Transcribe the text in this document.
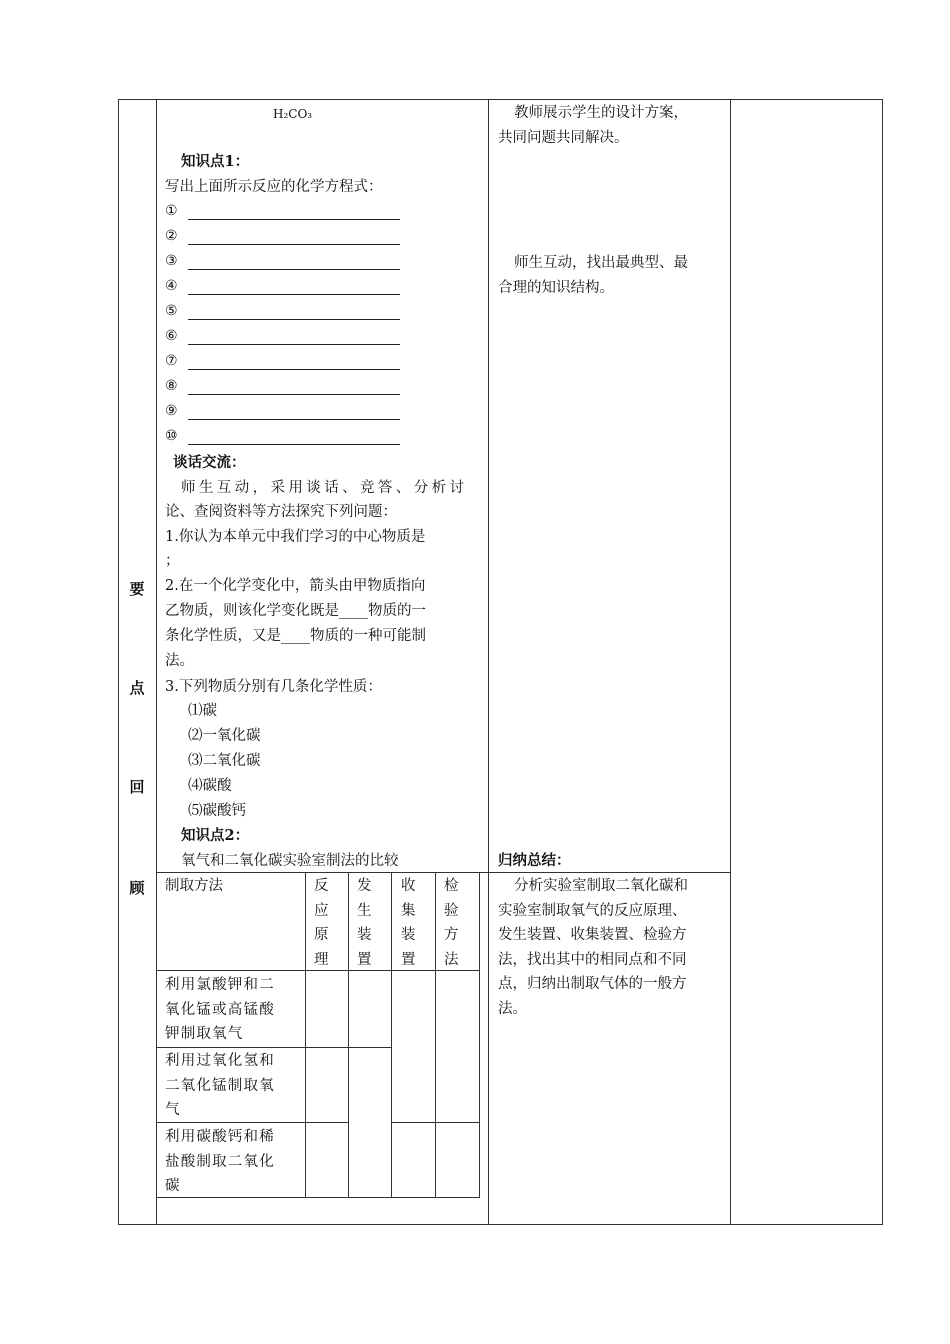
要
点
回
顾
H₂CO₃
知识点1：
写出上面所示反应的化学方程式：
①
②
③
④
⑤
⑥
⑦
⑧
⑨
⑩
谈话交流：
师生互动，采用谈话、竞答、分析讨
论、查阅资料等方法探究下列问题：
1.你认为本单元中我们学习的中心物质是
；
2.在一个化学变化中，箭头由甲物质指向
乙物质，则该化学变化既是____物质的一
条化学性质，又是____物质的一种可能制
法。
3.下列物质分别有几条化学性质：
⑴碳
⑵一氧化碳
⑶二氧化碳
⑷碳酸
⑸碳酸钙
知识点2：
氧气和二氧化碳实验室制法的比较
制取方法	反
应
原
理
发
生
装
置
收
集
装
置
检
验
方
法
利用氯酸钾和二
氧化锰或高锰酸
钾制取氧气
利用过氧化氢和
二氧化锰制取氧
气
利用碳酸钙和稀
盐酸制取二氧化
碳
教师展示学生的设计方案，
共同问题共同解决。
师生互动，找出最典型、最
合理的知识结构。
归纳总结：
分析实验室制取二氧化碳和
实验室制取氧气的反应原理、
发生装置、收集装置、检验方
法，找出其中的相同点和不同
点，归纳出制取气体的一般方
法。
